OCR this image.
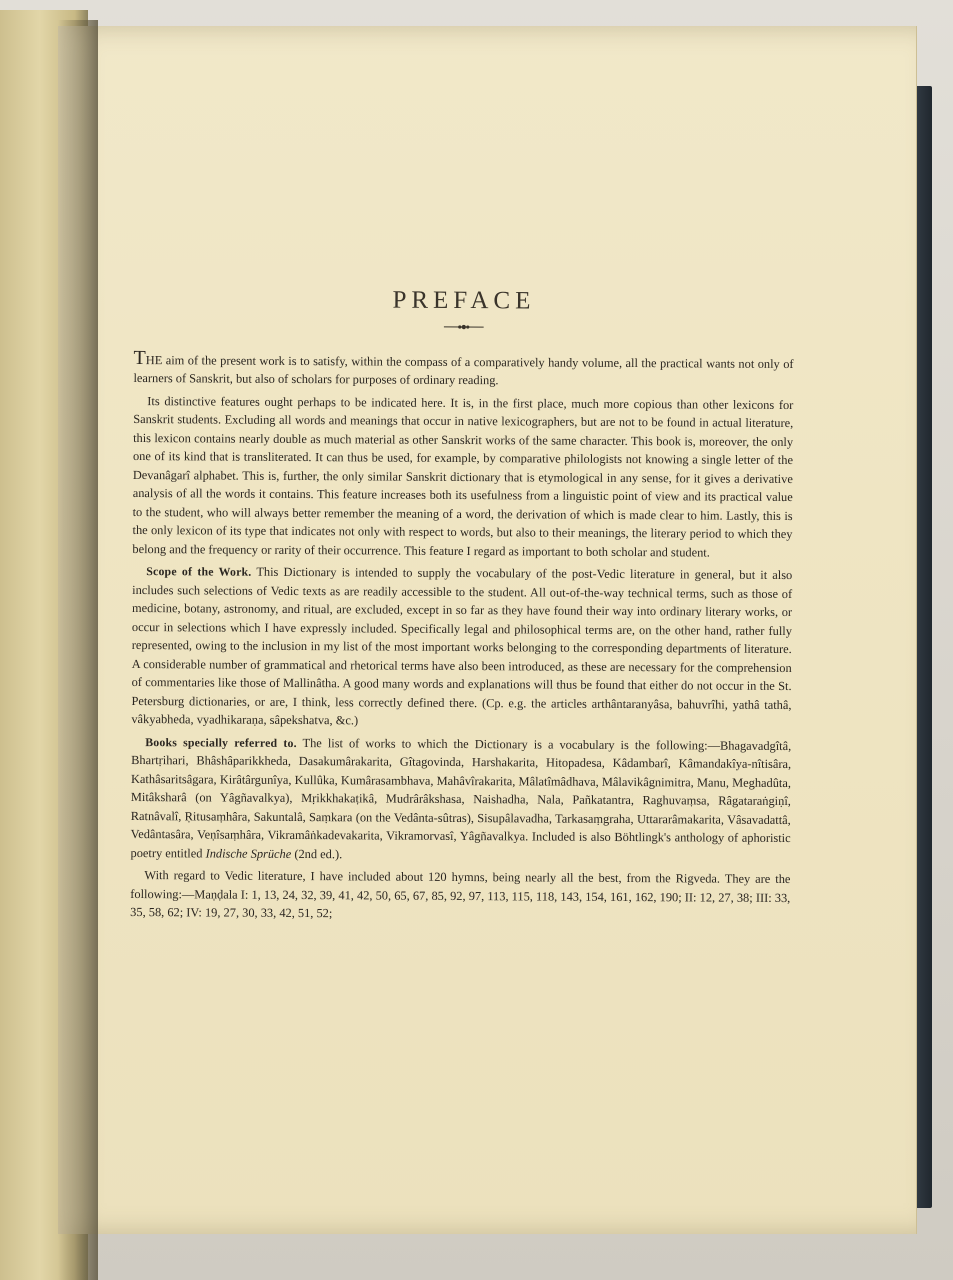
PREFACE

THE aim of the present work is to satisfy, within the compass of a comparatively handy volume, all the practical wants not only of learners of Sanskrit, but also of scholars for purposes of ordinary reading.

Its distinctive features ought perhaps to be indicated here. It is, in the first place, much more copious than other lexicons for Sanskrit students. Excluding all words and meanings that occur in native lexicographers, but are not to be found in actual literature, this lexicon contains nearly double as much material as other Sanskrit works of the same character. This book is, moreover, the only one of its kind that is transliterated. It can thus be used, for example, by comparative philologists not knowing a single letter of the Devanâgarî alphabet. This is, further, the only similar Sanskrit dictionary that is etymological in any sense, for it gives a derivative analysis of all the words it contains. This feature increases both its usefulness from a linguistic point of view and its practical value to the student, who will always better remember the meaning of a word, the derivation of which is made clear to him. Lastly, this is the only lexicon of its type that indicates not only with respect to words, but also to their meanings, the literary period to which they belong and the frequency or rarity of their occurrence. This feature I regard as important to both scholar and student.

Scope of the Work. This Dictionary is intended to supply the vocabulary of the post-Vedic literature in general, but it also includes such selections of Vedic texts as are readily accessible to the student. All out-of-the-way technical terms, such as those of medicine, botany, astronomy, and ritual, are excluded, except in so far as they have found their way into ordinary literary works, or occur in selections which I have expressly included. Specifically legal and philosophical terms are, on the other hand, rather fully represented, owing to the inclusion in my list of the most important works belonging to the corresponding departments of literature. A considerable number of grammatical and rhetorical terms have also been introduced, as these are necessary for the comprehension of commentaries like those of Mallinâtha. A good many words and explanations will thus be found that either do not occur in the St. Petersburg dictionaries, or are, I think, less correctly defined there. (Cp. e.g. the articles arthântaranyâsa, bahuvrîhi, yathâ tathâ, vâkyabheda, vyadhikaraṇa, sâpekshatva, &c.)

Books specially referred to. The list of works to which the Dictionary is a vocabulary is the following:—Bhagavadgîtâ, Bhartṛihari, Bhâshâparikkheda, Dasakumârakarita, Gîtagovinda, Harshakarita, Hitopadesa, Kâdambarî, Kâmandakîya-nîtisâra, Kathâsaritsâgara, Kirâtârgunîya, Kullûka, Kumârasambhava, Mahâvîrakarita, Mâlatîmâdhava, Mâlavikâgnimitra, Manu, Meghadûta, Mitâksharâ (on Yâgñavalkya), Mṛikkhakaṭikâ, Mudrârâkshasa, Naishadha, Nala, Pañkatantra, Raghuvaṃsa, Râgataraṅgiṇî, Ratnâvalî, Ṛitusaṃhâra, Sakuntalâ, Saṃkara (on the Vedânta-sûtras), Sisupâlavadha, Tarkasaṃgraha, Uttararâmakarita, Vâsavadattâ, Vedântasâra, Veṇîsaṃhâra, Vikramâṅkadevakarita, Vikramorvasî, Yâgñavalkya. Included is also Böhtlingk's anthology of aphoristic poetry entitled Indische Sprüche (2nd ed.).

With regard to Vedic literature, I have included about 120 hymns, being nearly all the best, from the Rigveda. They are the following:—Maṇḍala I: 1, 13, 24, 32, 39, 41, 42, 50, 65, 67, 85, 92, 97, 113, 115, 118, 143, 154, 161, 162, 190; II: 12, 27, 38; III: 33, 35, 58, 62; IV: 19, 27, 30, 33, 42, 51, 52;
